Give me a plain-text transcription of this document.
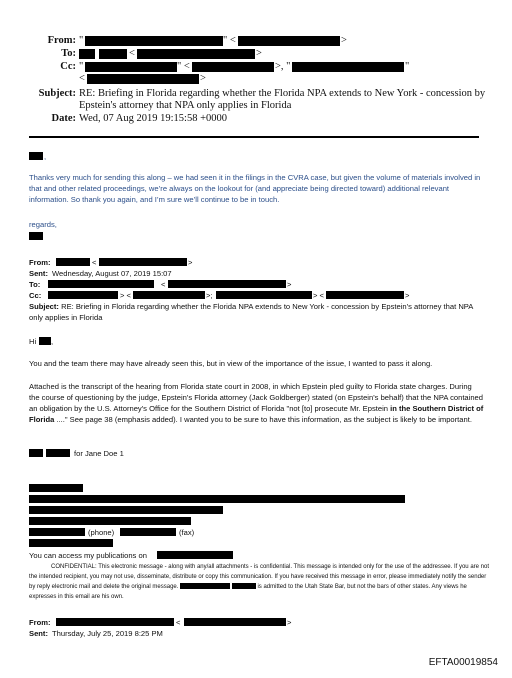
From: "	" <	>
To:	<	>
Cc: "	" <	>, "	"
<	>
Subject: RE: Briefing in Florida regarding whether the Florida NPA extends to New York - concession by
Epstein's attorney that NPA only applies in Florida
Date: Wed, 07 Aug 2019 19:15:58 +0000
,
Thanks very much for sending this along – we had seen it in the filings in the CVRA case, but given the volume of materials involved in that and other related proceedings, we’re always on the lookout for (and appreciate being directed toward) additional relevant information. So thank you again, and I’m sure we’ll continue to be in touch.
regards,
From:	<	>
Sent: Wednesday, August 07, 2019 15:07
To:	<	>
Cc:	> <	>;	> <	>
Subject: RE: Briefing in Florida regarding whether the Florida NPA extends to New York - concession by Epstein's attorney that NPA only applies in Florida
Hi ,
You and the team there may have already seen this, but in view of the importance of the issue, I wanted to pass it along.
Attached is the transcript of the hearing from Florida state court in 2008, in which Epstein pled guilty to Florida state charges. During the course of questioning by the judge, Epstein's Florida attorney (Jack Goldberger) stated (on Epstein's behalf) that the NPA contained an obligation by the U.S. Attorney's Office for the Southern District of Florida "not [to] prosecute Mr. Epstein in the Southern District of Florida ...." See page 38 (emphasis added). I wanted you to be sure to have this information, as the subject is likely to be important.
for Jane Doe 1
(phone)	(fax)
You can access my publications on
CONFIDENTIAL: This electronic message - along with any/all attachments - is confidential. This message is intended only for the use of the addressee. If you are not the intended recipient, you may not use, disseminate, distribute or copy this communication. If you have received this message in error, please immediately notify the sender by reply electronic mail and delete the original message.	is admitted to the Utah State Bar, but not the bars of other states. Any views he expresses in this email are his own.
From:	<	>
Sent: Thursday, July 25, 2019 8:25 PM
EFTA00019854
